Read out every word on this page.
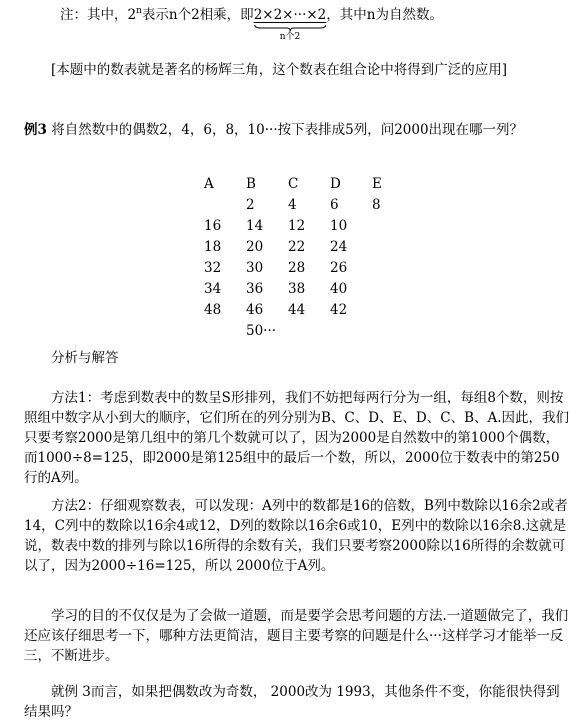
注：其中，2$^n$表示n个2相乘，即2×2×···×2
n个2
，其中n为自然数。
[本题中的数表就是著名的杨辉三角，这个数表在组合论中将得到广泛的应用]
例3 将自然数中的偶数2，4，6，8，10···按下表排成5列，问2000出现在哪一列？
A	B	C	D	E
	2	4	6	8
16	14	12	10	
18	20	22	24	
32	30	28	26	
34	36	38	40	
48	46	44	42	
	50···			
分析与解答
方法1：考虑到数表中的数呈S形排列，我们不妨把每两行分为一组，每组8个数，则按照组中数字从小到大的顺序，它们所在的列分别为B、C、D、E、D、C、B、A.因此，我们只要考察2000是第几组中的第几个数就可以了，因为2000是自然数中的第1000个偶数，而1000÷8=125，即2000是第125组中的最后一个数，所以，2000位于数表中的第250行的A列。
方法2：仔细观察数表，可以发现：A列中的数都是16的倍数，B列中数除以16余2或者14，C列中的数除以16余4或12，D列的数除以16余6或10，E列中的数除以16余8.这就是说，数表中数的排列与除以16所得的余数有关，我们只要考察2000除以16所得的余数就可以了，因为2000÷16=125，所以 2000位于A列。
学习的目的不仅仅是为了会做一道题，而是要学会思考问题的方法.一道题做完了，我们还应该仔细思考一下，哪种方法更简洁，题目主要考察的问题是什么···这样学习才能举一反三，不断进步。
就例 3而言，如果把偶数改为奇数， 2000改为 1993，其他条件不变，你能很快得到结果吗？
